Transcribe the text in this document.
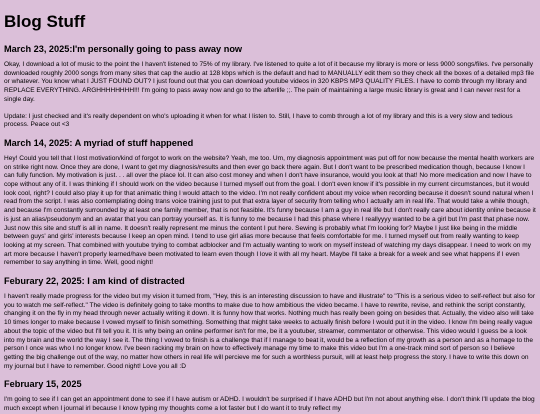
Blog Stuff
March 23, 2025:I'm personally going to pass away now

Okay, I download a lot of music to the point the I haven't listened to 75% of my library. I've listened to quite a lot of it because my library is more or less 9000 songs/files. I've personally downloaded roughly 2000 songs from many sites that cap the audio at 128 kbps which is the default and had to MANUALLY edit them so they check all the boxes of a detailed mp3 file or whatever. You know what I JUST FOUND OUT? I just found out that you can download youtube videos in 320 KBPS MP3 QUALITY FILES. I have to comb through my library and REPLACE EVERYTHING. ARGHHHHHHHH!!! I'm going to pass away now and go to the afterlife ;;. The pain of maintaining a large music library is great and I can never rest for a single day.

Update: I just checked and it's really dependent on who's uploading it when for what I listen to. Still, I have to comb through a lot of my library and this is a very slow and tedious process. Peace out <3

March 14, 2025: A myriad of stuff happened

Hey! Could you tell that I lost motivation/kind of forgot to work on the website? Yeah, me too. Um, my diagnosis appointment was put off for now because the mental health workers are on strike right now. Once they are done, I want to get my diagnosis/results and then ever go back there again. But I don't want to be prescribed medication though, because I know I can fully function. My motivation is just. . . all over the place lol. It can also cost money and when I don't have insurance, would you look at that! No more medication and now I have to cope without any of it. I was thinking if I should work on the video because I turned myself out from the goal. I don't even know if it's possible in my current circumstances, but it would look cool, right? I could also play it up for that animatic thing I would attach to the video. I'm not really confident about my voice when recording because it doesn't sound natural when I read from the script. I was also contemplating doing trans voice training just to put that extra layer of security from telling who I actually am in real life. That would take a while though, and because I'm constantly surrounded by at least one family member, that is not feasible. It's funny because I am a guy in real life but I don't really care about identity online because it is just an alias/pseudonym and an avatar that you can portray yourself as. It is funny to me because I had this phase where I reallyyyy wanted to be a girl but I'm past that phase now. Just now this site and stuff is all in name. It doesn't really represent me minus the content I put here. Sewing is probably what I'm looking for? Maybe I just like being in the middle between guys' and girls' interests because I keep an open mind. I tend to use girl alias more because that feels comfortable for me. I turned myself out from really wanting to keep looking at my screen. That combined with youtube trying to combat adblocker and I'm actually wanting to work on myself instead of watching my days disappear. I need to work on my art more because I haven't properly learned/have been motivated to learn even though I love it with all my heart. Maybe I'll take a break for a week and see what happens if I even remember to say anything in time. Well, good night!

Feburary 22, 2025: I am kind of distracted

I haven't really made progress for the video but my vision it turned from, "Hey, this is an interesting discussion to have and illustrate" to "This is a serious video to self-reflect but also for you to watch me self-reflect." The video is definitely going to take months to make due to how ambitious the video became. I have to rewrite, revise, and rethink the script constantly, changing it on the fly in my head through never actually writing it down. It is funny how that works. Nothing much has really been going on besides that. Actually, the video also will take 10 times longer to make because I vowed myself to finish something. Something that might take weeks to actually finish before I would put it in the video. I know I'm being really vague about the topic of the video but I'll tell you it. It is why being an online performer isn't for me, be it a youtuber, streamer, commentator or otherwise. This video would I guess be a look into my brain and the world the way I see it. The thing I vowed to finish is a challenge that if I manage to beat it, would be a reflection of my growth as a person and as a homage to the person I once was who I no longer know. I've been racking my brain on how to effectively manage my time to make this video but I'm a one-track mind sort of person so I believe getting the big challenge out of the way, no matter how others in real life will percieve me for such a worthless pursuit, will at least help progress the story. I have to write this down on my journal but I have to remember. Good night! Love you all :D

February 15, 2025

I'm going to see if I can get an appointment done to see if I have autism or ADHD. I wouldn't be surprised if I have ADHD but I'm not about anything else. I don't think I'll update the blog much except when I journal irl because I know typing my thoughts come a lot faster but I do want it to truly reflect my
